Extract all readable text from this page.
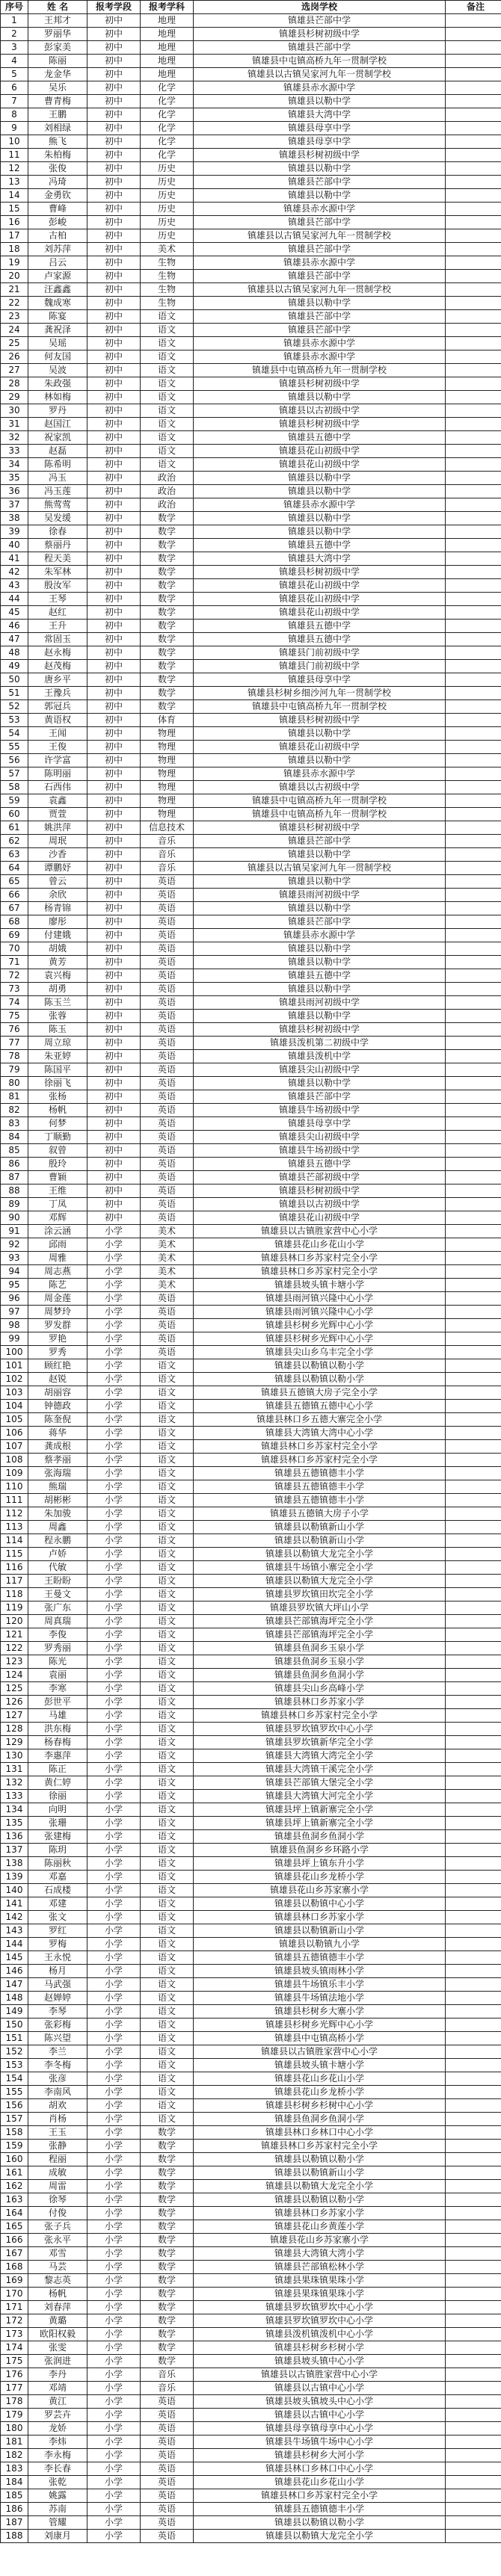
序号	姓 名	报考学段	报考学科	选岗学校	备注
1	王邦才	初中	地理	镇雄县芒部中学	
2	罗丽华	初中	地理	镇雄县杉树初级中学	
3	彭家美	初中	地理	镇雄县芒部中学	
4	陈丽	初中	地理	镇雄县中屯镇高桥九年一贯制学校	
5	龙金华	初中	地理	镇雄县以古镇吴家河九年一贯制学校	
6	吴乐	初中	化学	镇雄县赤水源中学	
7	曹青梅	初中	化学	镇雄县以勒中学	
8	王鹏	初中	化学	镇雄县大湾中学	
9	刘相绿	初中	化学	镇雄县母享中学	
10	熊飞	初中	化学	镇雄县母享中学	
11	朱柏梅	初中	化学	镇雄县杉树初级中学	
12	张俊	初中	历史	镇雄县以勒中学	
13	冯琦	初中	历史	镇雄县芒部中学	
14	金勇钦	初中	历史	镇雄县以勒中学	
15	曹峰	初中	历史	镇雄县赤水源中学	
16	彭峻	初中	历史	镇雄县芒部中学	
17	古柏	初中	历史	镇雄县以古镇吴家河九年一贯制学校	
18	刘苏萍	初中	美术	镇雄县芒部中学	
19	吕云	初中	生物	镇雄县赤水源中学	
20	卢家源	初中	生物	镇雄县芒部中学	
21	汪鑫鑫	初中	生物	镇雄县以古镇吴家河九年一贯制学校	
22	魏成寒	初中	生物	镇雄县以勒中学	
23	陈宴	初中	语文	镇雄县芒部中学	
24	龚祝泽	初中	语文	镇雄县芒部中学	
25	吴瑶	初中	语文	镇雄县赤水源中学	
26	何友国	初中	语文	镇雄县赤水源中学	
27	吴波	初中	语文	镇雄县中屯镇高桥九年一贯制学校	
28	朱政强	初中	语文	镇雄县杉树初级中学	
29	林如梅	初中	语文	镇雄县以勒中学	
30	罗丹	初中	语文	镇雄县以古初级中学	
31	赵国江	初中	语文	镇雄县杉树初级中学	
32	祝家凯	初中	语文	镇雄县五德中学	
33	赵磊	初中	语文	镇雄县花山初级中学	
34	陈希明	初中	语文	镇雄县花山初级中学	
35	冯玉	初中	政治	镇雄县以勒中学	
36	冯玉莲	初中	政治	镇雄县以勒中学	
37	熊莺莺	初中	政治	镇雄县赤水源中学	
38	吴发缓	初中	数学	镇雄县以勒中学	
39	徐春	初中	数学	镇雄县以勒中学	
40	蔡丽丹	初中	数学	镇雄县五德中学	
41	程天美	初中	数学	镇雄县大湾中学	
42	朱军林	初中	数学	镇雄县杉树初级中学	
43	殷汝军	初中	数学	镇雄县花山初级中学	
44	王琴	初中	数学	镇雄县花山初级中学	
45	赵红	初中	数学	镇雄县花山初级中学	
46	王升	初中	数学	镇雄县五德中学	
47	常固玉	初中	数学	镇雄县五德中学	
48	赵永梅	初中	数学	镇雄县门前初级中学	
49	赵茂梅	初中	数学	镇雄县门前初级中学	
50	唐乡平	初中	数学	镇雄县母享中学	
51	王豫兵	初中	数学	镇雄县杉树乡细沙河九年一贯制学校	
52	郭冠兵	初中	数学	镇雄县中屯镇高桥九年一贯制学校	
53	黄语权	初中	体育	镇雄县杉树初级中学	
54	王闻	初中	物理	镇雄县以勒中学	
55	王俊	初中	物理	镇雄县花山初级中学	
56	许学富	初中	物理	镇雄县以勒中学	
57	陈明丽	初中	物理	镇雄县赤水源中学	
58	石西伟	初中	物理	镇雄县以古初级中学	
59	袁鑫	初中	物理	镇雄县中屯镇高桥九年一贯制学校	
60	贾萱	初中	物理	镇雄县中屯镇高桥九年一贯制学校	
61	姚洪萍	初中	信息技术	镇雄县杉树初级中学	
62	周珉	初中	音乐	镇雄县芒部中学	
63	沙香	初中	音乐	镇雄县以勒中学	
64	谭鹏妤	初中	音乐	镇雄县以古镇吴家河九年一贯制学校	
65	曾云	初中	英语	镇雄县以勒中学	
66	余欣	初中	英语	镇雄县雨河初级中学	
67	杨青锦	初中	英语	镇雄县以勒中学	
68	廖彤	初中	英语	镇雄县芒部中学	
69	付建娥	初中	英语	镇雄县赤水源中学	
70	胡娥	初中	英语	镇雄县以勒中学	
71	黄芳	初中	英语	镇雄县以勒中学	
72	袁兴梅	初中	英语	镇雄县五德中学	
73	胡勇	初中	英语	镇雄县以勒中学	
74	陈玉兰	初中	英语	镇雄县雨河初级中学	
75	张蓉	初中	英语	镇雄县以勒中学	
76	陈玉	初中	英语	镇雄县杉树初级中学	
77	周立琼	初中	英语	镇雄县泼机第二初级中学	
78	朱亚婷	初中	英语	镇雄县泼机中学	
79	陈国平	初中	英语	镇雄县尖山初级中学	
80	徐丽飞	初中	英语	镇雄县以勒中学	
81	张杨	初中	英语	镇雄县芒部中学	
82	杨帆	初中	英语	镇雄县牛场初级中学	
83	何梦	初中	英语	镇雄县母享中学	
84	丁顺勤	初中	英语	镇雄县尖山初级中学	
85	叙曾	初中	英语	镇雄县牛场初级中学	
86	殷玲	初中	英语	镇雄县五德中学	
87	曹颖	初中	英语	镇雄县芒部初级中学	
88	王维	初中	英语	镇雄县杉树初级中学	
89	丁凤	初中	英语	镇雄县以古初级中学	
90	邓辉	初中	英语	镇雄县花山初级中学	
91	涂云涵	小学	美术	镇雄县以古镇胜家营中心小学	
92	邱雨	小学	美术	镇雄县花山乡花山小学	
93	周雅	小学	美术	镇雄县林口乡苏家村完全小学	
94	周志燕	小学	美术	镇雄县林口乡苏家村完全小学	
95	陈艺	小学	美术	镇雄县坡头镇卡塘小学	
96	周金莲	小学	英语	镇雄县雨河镇兴隆中心小学	
97	周梦玲	小学	英语	镇雄县雨河镇兴隆中心小学	
98	罗发群	小学	英语	镇雄县杉树乡光辉中心小学	
99	罗艳	小学	英语	镇雄县杉树乡光辉中心小学	
100	罗秀	小学	英语	镇雄县尖山乡乌丰完全小学	
101	顾红艳	小学	语文	镇雄县以勒镇以勒小学	
102	赵锐	小学	语文	镇雄县以勒镇以勒小学	
103	胡丽容	小学	语文	镇雄县五德镇大房子完全小学	
104	钟德政	小学	语文	镇雄县五德镇五德中心小学	
105	陈奎倪	小学	语文	镇雄县林口乡五德大寨完全小学	
106	蒋华	小学	语文	镇雄县大湾镇大湾中心小学	
107	龚成根	小学	语文	镇雄县林口乡苏家村完全小学	
108	蔡孝丽	小学	语文	镇雄县林口乡苏家村完全小学	
109	张海瑞	小学	语文	镇雄县五德镇德丰小学	
110	熊瑞	小学	语文	镇雄县五德镇德丰小学	
111	胡彬彬	小学	语文	镇雄县五德镇德丰小学	
112	朱加骏	小学	语文	镇雄县五德镇大房子小学	
113	周鑫	小学	语文	镇雄县以勒镇新山小学	
114	程永鹏	小学	语文	镇雄县以勒镇新山小学	
115	卢娇	小学	语文	镇雄县以勒镇大龙完全小学	
116	代敏	小学	语文	镇雄县牛场镇小寨完全小学	
117	王盼盼	小学	语文	镇雄县以勒镇大龙完全小学	
118	王曼文	小学	语文	镇雄县罗坎镇田坎完全小学	
119	张广东	小学	语文	镇雄县罗坎镇大坪山小学	
120	周真瑞	小学	语文	镇雄县芒部镇海坪完全小学	
121	李俊	小学	语文	镇雄县芒部镇海坪完全小学	
122	罗秀丽	小学	语文	镇雄县鱼洞乡玉泉小学	
123	陈光	小学	语文	镇雄县鱼洞乡玉泉小学	
124	袁丽	小学	语文	镇雄县鱼洞乡鱼洞小学	
125	李寒	小学	语文	镇雄县尖山乡高峰小学	
126	彭世平	小学	语文	镇雄县林口乡苏家小学	
127	马雄	小学	语文	镇雄县林口乡苏家村完全小学	
128	洪东梅	小学	语文	镇雄县罗坎镇罗坎中心小学	
129	杨春梅	小学	语文	镇雄县罗坎镇新华完全小学	
130	李惠萍	小学	语文	镇雄县大湾镇大湾完全小学	
131	陈正	小学	语文	镇雄县大湾镇干溪完全小学	
132	黄仁婷	小学	语文	镇雄县芒部镇大堡完全小学	
133	徐丽	小学	语文	镇雄县大湾镇大河完全小学	
134	向明	小学	语文	镇雄县坪上镇新寨完全小学	
135	张珊	小学	语文	镇雄县坪上镇新寨完全小学	
136	张建梅	小学	语文	镇雄县鱼洞乡鱼洞小学	
137	陈玥	小学	语文	镇雄县鱼洞乡乡环路小学	
138	陈丽秋	小学	语文	镇雄县坪上镇东升小学	
139	邓嘉	小学	语文	镇雄县花山乡龙桥小学	
140	石成楼	小学	语文	镇雄县花山乡苏家寨小学	
141	邓建	小学	语文	镇雄县以勒镇中心小学	
142	张文	小学	语文	镇雄县林口乡苏家小学	
143	罗红	小学	语文	镇雄县以勒镇新山小学	
144	罗梅	小学	语文	镇雄县以勒镇九小学	
145	王永悦	小学	语文	镇雄县五德镇德丰小学	
146	杨月	小学	语文	镇雄县坡头镇雨林小学	
147	马武强	小学	语文	镇雄县牛场镇乐丰小学	
148	赵婵婷	小学	语文	镇雄县牛场镇法地小学	
149	李琴	小学	语文	镇雄县杉树乡大寨小学	
150	张彩梅	小学	语文	镇雄县杉树乡光辉中心小学	
151	陈兴望	小学	语文	镇雄县中屯镇高桥小学	
152	李兰	小学	语文	镇雄县以古镇胜家营中心小学	
153	李冬梅	小学	语文	镇雄县坡头镇卡塘小学	
154	张彦	小学	语文	镇雄县花山乡花山小学	
155	李南风	小学	语文	镇雄县花山乡龙桥小学	
156	胡欢	小学	语文	镇雄县杉树乡杉树中心小学	
157	肖杨	小学	语文	镇雄县鱼洞乡鱼洞小学	
158	王玉	小学	数学	镇雄县林口乡林口中心小学	
159	张静	小学	数学	镇雄县林口乡苏家村完全小学	
160	程丽	小学	数学	镇雄县以勒镇以勒小学	
161	成敏	小学	数学	镇雄县以勒镇新山小学	
162	周雷	小学	数学	镇雄县以勒镇大龙完全小学	
163	徐琴	小学	数学	镇雄县以勒镇以勒小学	
164	付俊	小学	数学	镇雄县林口乡苏家小学	
165	张子兵	小学	数学	镇雄县花山乡黄莲小学	
166	张永平	小学	数学	镇雄县花山乡苏家寨小学	
167	邓雪	小学	数学	镇雄县大湾镇大湾小学	
168	马芸	小学	数学	镇雄县芒部镇松林小学	
169	黎志英	小学	数学	镇雄县果珠镇果珠小学	
170	杨帆	小学	数学	镇雄县果珠镇果珠小学	
171	刘春萍	小学	数学	镇雄县罗坎镇罗坎中心小学	
172	黄璐	小学	数学	镇雄县罗坎镇罗坎中心小学	
173	欧阳权毅	小学	数学	镇雄县泼机镇泼机中心小学	
174	张雯	小学	数学	镇雄县杉树乡杉树小学	
175	张润进	小学	数学	镇雄县坡头镇中心小学	
176	李丹	小学	音乐	镇雄县以古镇胜家营中心小学	
177	邓靖	小学	音乐	镇雄县以古镇中心小学	
178	黄江	小学	英语	镇雄县坡头镇坡头中心小学	
179	罗芸卉	小学	英语	镇雄县以古镇中心小学	
180	龙娇	小学	英语	镇雄县母享镇母享中心小学	
181	李炜	小学	英语	镇雄县牛场镇牛场中心小学	
182	李永梅	小学	英语	镇雄县杉树乡大河小学	
183	李长春	小学	英语	镇雄县林口乡林口中心小学	
184	张乾	小学	英语	镇雄县花山乡花山小学	
185	姚露	小学	英语	镇雄县林口乡苏家村完全小学	
186	苏南	小学	英语	镇雄县五德镇德丰小学	
187	管耀	小学	英语	镇雄县以勒镇以勒小学	
188	刘康月	小学	英语	镇雄县以勒镇大龙完全小学	
